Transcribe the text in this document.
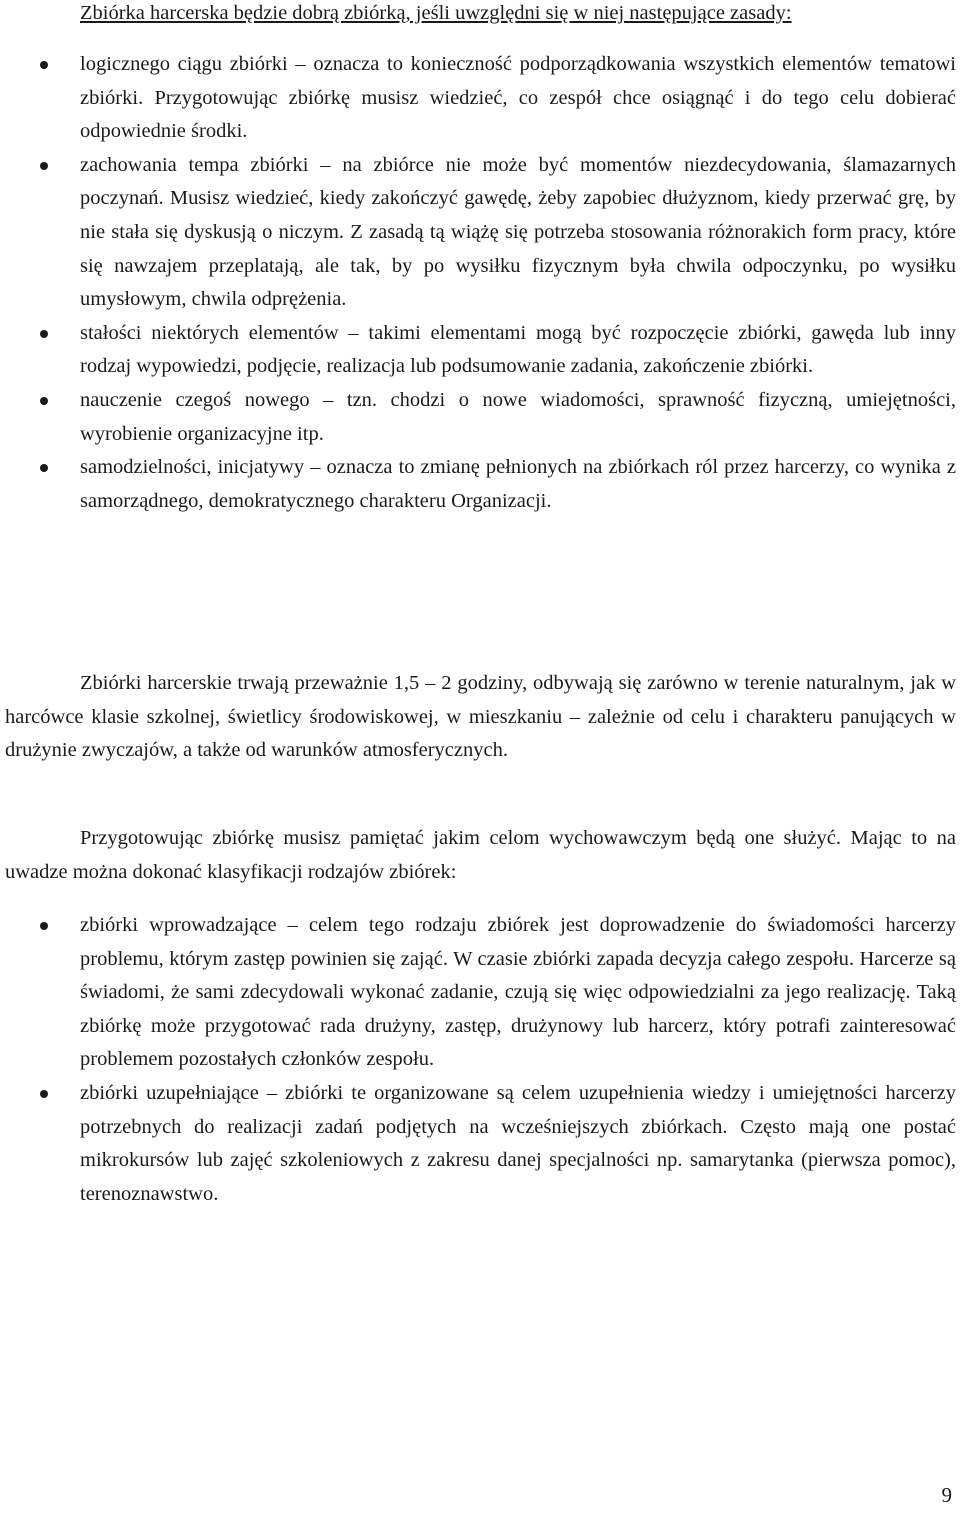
Zbiórka harcerska będzie dobrą zbiórką, jeśli uwzględni się w niej następujące zasady:
logicznego ciągu zbiórki – oznacza to konieczność podporządkowania wszystkich elementów tematowi zbiórki. Przygotowując zbiórkę musisz wiedzieć, co zespół chce osiągnąć i do tego celu dobierać odpowiednie środki.
zachowania tempa zbiórki – na zbiórce nie może być momentów niezdecydowania, ślamazarnych poczynań. Musisz wiedzieć, kiedy zakończyć gawędę, żeby zapobiec dłużyznom, kiedy przerwać grę, by nie stała się dyskusją o niczym. Z zasadą tą wiążę się potrzeba stosowania różnorakich form pracy, które się nawzajem przeplatają, ale tak, by po wysiłku fizycznym była chwila odpoczynku, po wysiłku umysłowym, chwila odprężenia.
stałości niektórych elementów – takimi elementami mogą być rozpoczęcie zbiórki, gawęda lub inny rodzaj wypowiedzi, podjęcie, realizacja lub podsumowanie zadania, zakończenie zbiórki.
nauczenie czegoś nowego – tzn. chodzi o nowe wiadomości, sprawność fizyczną, umiejętności, wyrobienie organizacyjne itp.
samodzielności, inicjatywy – oznacza to zmianę pełnionych na zbiórkach ról przez harcerzy, co wynika z samorządnego, demokratycznego charakteru Organizacji.

Zbiórki harcerskie trwają przeważnie 1,5 – 2 godziny, odbywają się zarówno w terenie naturalnym, jak w harcówce klasie szkolnej, świetlicy środowiskowej, w mieszkaniu – zależnie od celu i charakteru panujących w drużynie zwyczajów, a także od warunków atmosferycznych.

Przygotowując zbiórkę musisz pamiętać jakim celom wychowawczym będą one służyć. Mając to na uwadze można dokonać klasyfikacji rodzajów zbiórek:

zbiórki wprowadzające – celem tego rodzaju zbiórek jest doprowadzenie do świadomości harcerzy problemu, którym zastęp powinien się zająć. W czasie zbiórki zapada decyzja całego zespołu. Harcerze są świadomi, że sami zdecydowali wykonać zadanie, czują się więc odpowiedzialni za jego realizację. Taką zbiórkę może przygotować rada drużyny, zastęp, drużynowy lub harcerz, który potrafi zainteresować problemem pozostałych członków zespołu.
zbiórki uzupełniające – zbiórki te organizowane są celem uzupełnienia wiedzy i umiejętności harcerzy potrzebnych do realizacji zadań podjętych na wcześniejszych zbiórkach. Często mają one postać mikrokursów lub zajęć szkoleniowych z zakresu danej specjalności np. samarytanka (pierwsza pomoc), terenoznawstwo.
9
